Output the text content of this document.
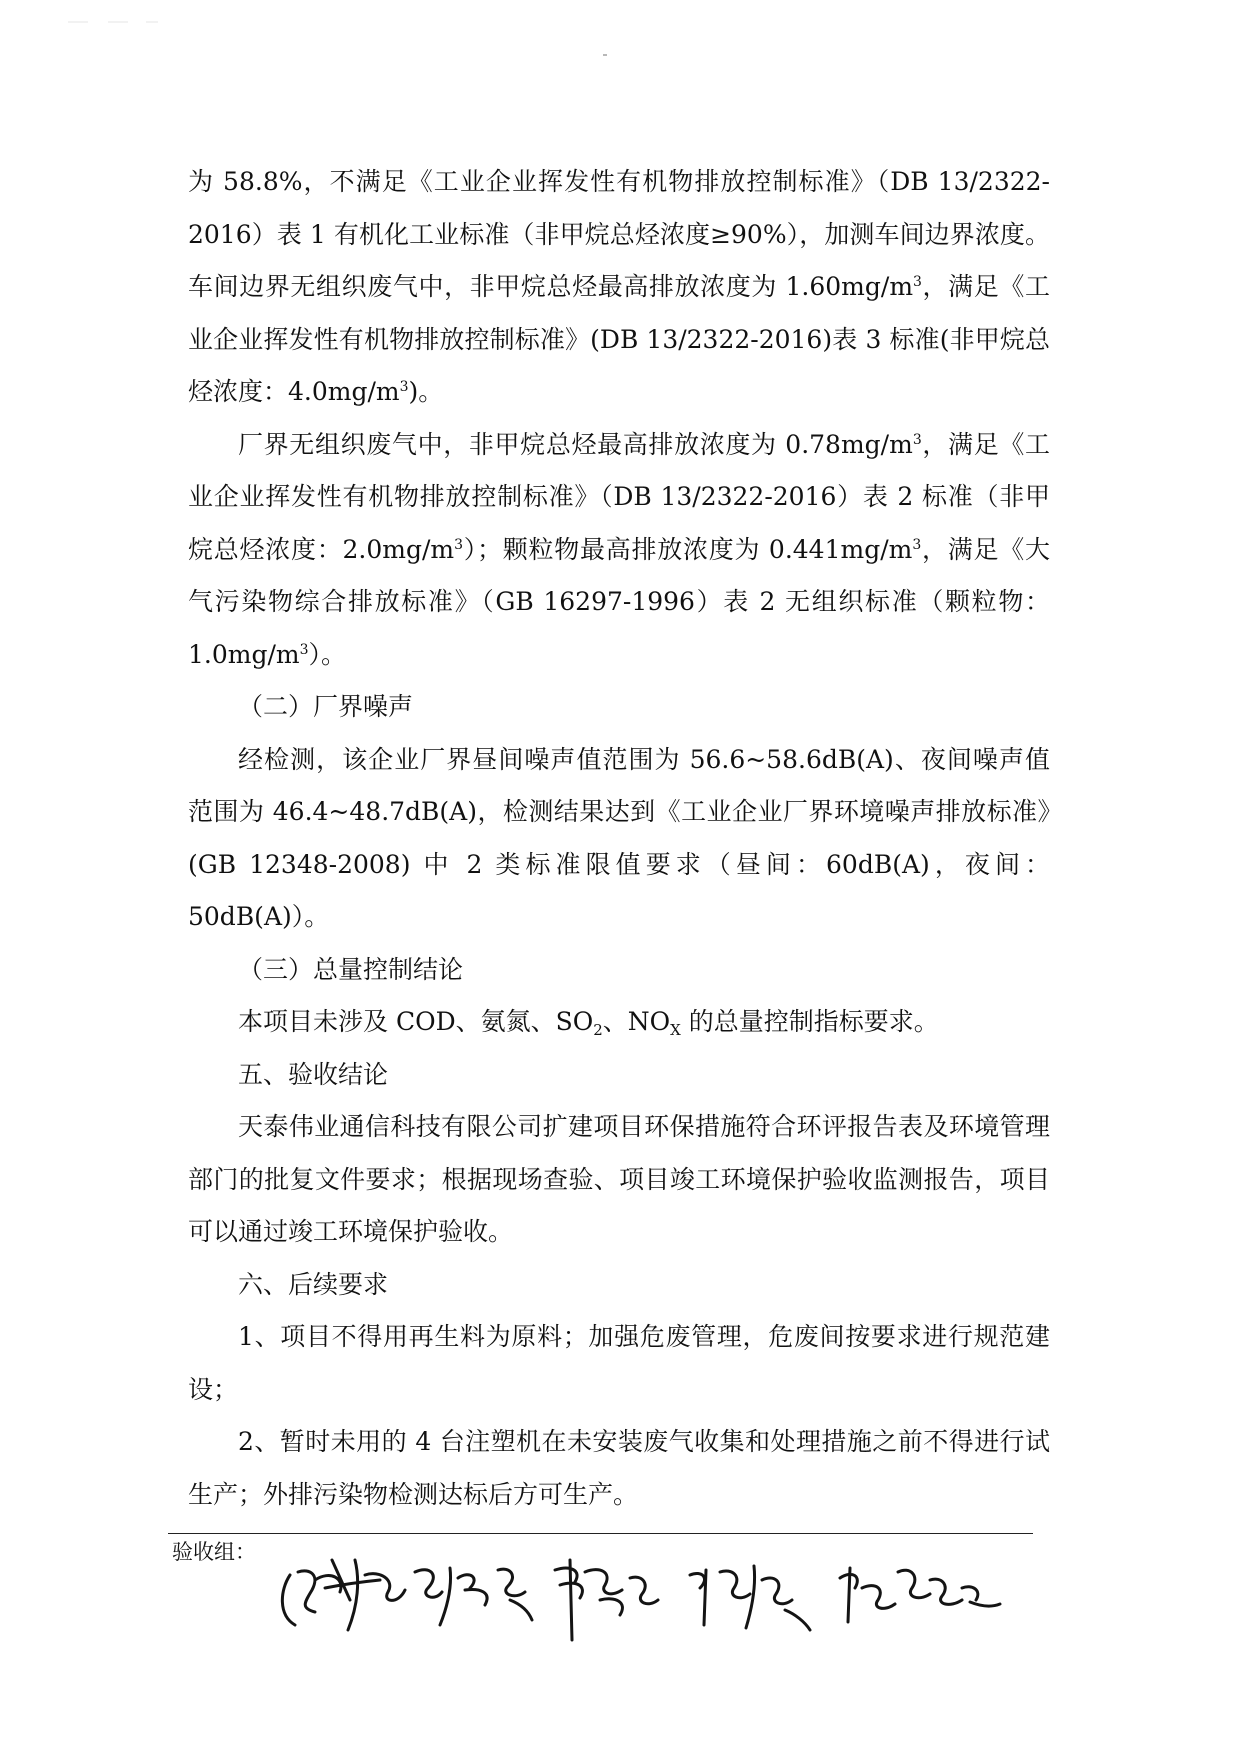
为 58.8%，不满足《工业企业挥发性有机物排放控制标准》（DB 13/2322-2016）表 1 有机化工业标准（非甲烷总烃浓度≥90%），加测车间边界浓度。车间边界无组织废气中，非甲烷总烃最高排放浓度为 $1.60mg/m^3$，满足《工业企业挥发性有机物排放控制标准》(DB 13/2322-2016)表 3 标准(非甲烷总烃浓度：$4.0mg/m^3$)。

厂界无组织废气中，非甲烷总烃最高排放浓度为 $0.78mg/m^3$，满足《工业企业挥发性有机物排放控制标准》（DB 13/2322-2016）表 2 标准（非甲烷总烃浓度：$2.0mg/m^3$）；颗粒物最高排放浓度为 $0.441mg/m^3$，满足《大气污染物综合排放标准》（GB 16297-1996）表 2 无组织标准（颗粒物：$1.0mg/m^3$）。

（二）厂界噪声

经检测，该企业厂界昼间噪声值范围为 56.6~58.6dB(A)、夜间噪声值范围为 46.4~48.7dB(A)，检测结果达到《工业企业厂界环境噪声排放标准》(GB 12348-2008) 中 2 类标准限值要求（昼间：60dB(A)，夜间：50dB(A)）。

（三）总量控制结论

本项目未涉及 COD、氨氮、$SO_2$、$NO_X$ 的总量控制指标要求。

五、验收结论

天泰伟业通信科技有限公司扩建项目环保措施符合环评报告表及环境管理部门的批复文件要求；根据现场查验、项目竣工环境保护验收监测报告，项目可以通过竣工环境保护验收。

六、后续要求

1、项目不得用再生料为原料；加强危废管理，危废间按要求进行规范建设；

2、暂时未用的 4 台注塑机在未安装废气收集和处理措施之前不得进行试生产；外排污染物检测达标后方可生产。

验收组：
